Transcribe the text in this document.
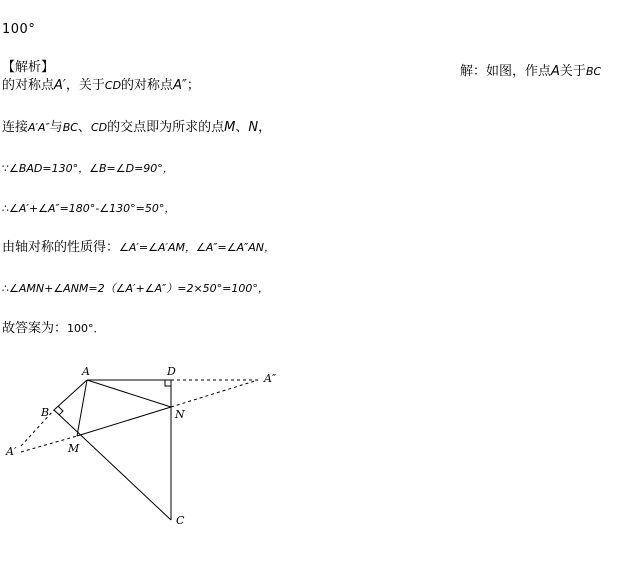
100°
【解析】	解：如图，作点A关于BC
的对称点A′，关于CD的对称点A″；
连接A′A″与BC、CD的交点即为所求的点M、N，
∵∠BAD=130°，∠B=∠D=90°，
∴∠A′+∠A″=180°-∠130°=50°，
由轴对称的性质得：∠A′=∠A′AM，∠A″=∠A″AN，
∴∠AMN+∠ANM=2（∠A′+∠A″）=2×50°=100°，
故答案为：100°．
A	D
A″
B	N
A′	M
C
